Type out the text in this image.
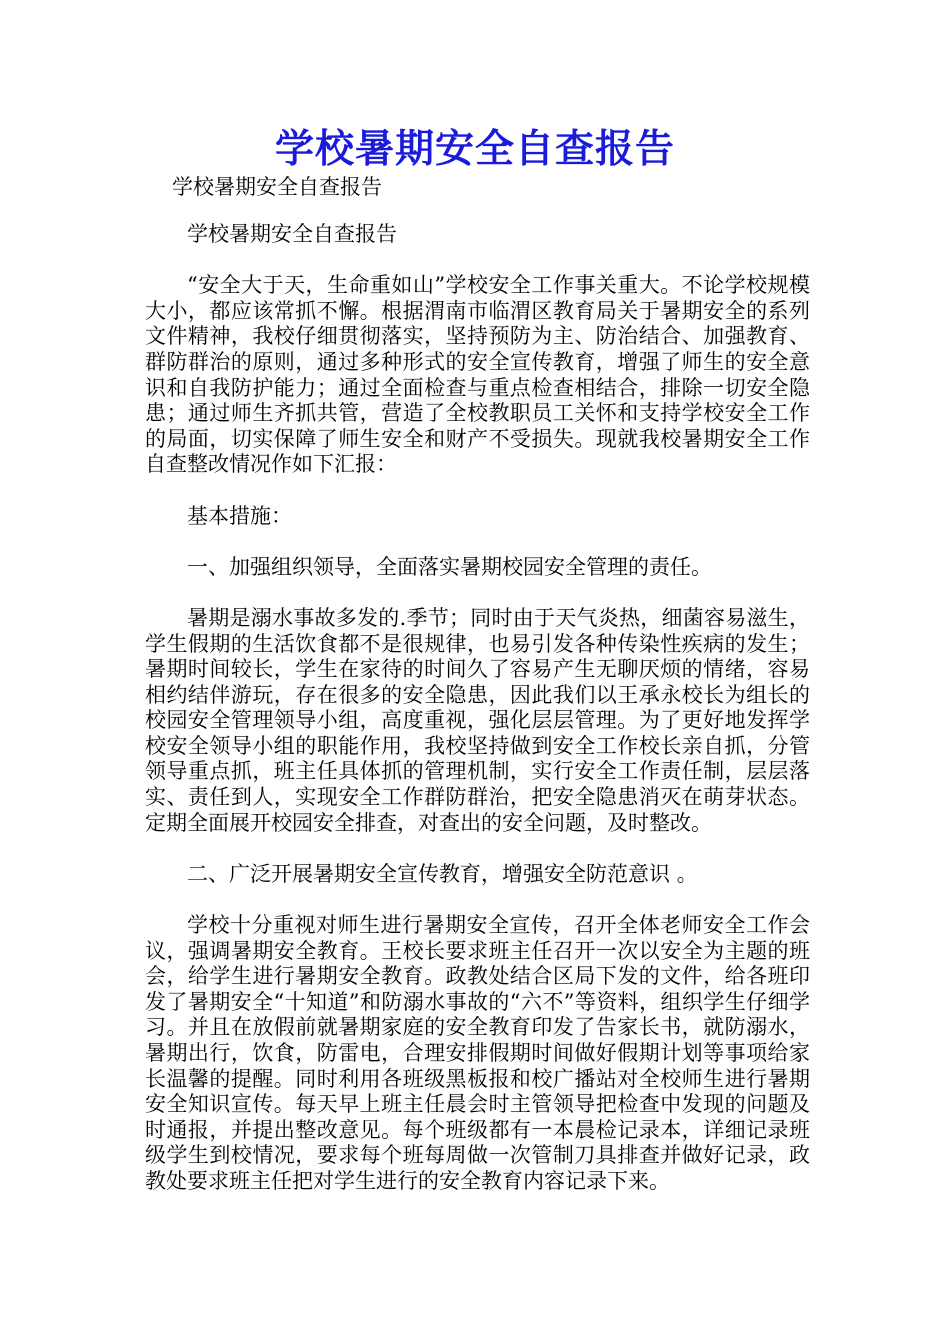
学校暑期安全自查报告
学校暑期安全自查报告

学校暑期安全自查报告

“安全大于天，生命重如山”学校安全工作事关重大。不论学校规模大小，都应该常抓不懈。根据渭南市临渭区教育局关于暑期安全的系列文件精神，我校仔细贯彻落实，坚持预防为主、防治结合、加强教育、群防群治的原则，通过多种形式的安全宣传教育，增强了师生的安全意识和自我防护能力；通过全面检查与重点检查相结合，排除一切安全隐患；通过师生齐抓共管，营造了全校教职员工关怀和支持学校安全工作的局面，切实保障了师生安全和财产不受损失。现就我校暑期安全工作自查整改情况作如下汇报：

基本措施：

一、加强组织领导，全面落实暑期校园安全管理的责任。

暑期是溺水事故多发的.季节；同时由于天气炎热，细菌容易滋生，学生假期的生活饮食都不是很规律，也易引发各种传染性疾病的发生；暑期时间较长，学生在家待的时间久了容易产生无聊厌烦的情绪，容易相约结伴游玩，存在很多的安全隐患，因此我们以王承永校长为组长的校园安全管理领导小组，高度重视，强化层层管理。为了更好地发挥学校安全领导小组的职能作用，我校坚持做到安全工作校长亲自抓，分管领导重点抓，班主任具体抓的管理机制，实行安全工作责任制，层层落实、责任到人，实现安全工作群防群治，把安全隐患消灭在萌芽状态。定期全面展开校园安全排查，对查出的安全问题，及时整改。

二、广泛开展暑期安全宣传教育，增强安全防范意识 。

学校十分重视对师生进行暑期安全宣传，召开全体老师安全工作会议，强调暑期安全教育。王校长要求班主任召开一次以安全为主题的班会，给学生进行暑期安全教育。政教处结合区局下发的文件，给各班印发了暑期安全“十知道”和防溺水事故的“六不”等资料，组织学生仔细学习。并且在放假前就暑期家庭的安全教育印发了告家长书，就防溺水，暑期出行，饮食，防雷电，合理安排假期时间做好假期计划等事项给家长温馨的提醒。同时利用各班级黑板报和校广播站对全校师生进行暑期安全知识宣传。每天早上班主任晨会时主管领导把检查中发现的问题及时通报，并提出整改意见。每个班级都有一本晨检记录本，详细记录班级学生到校情况，要求每个班每周做一次管制刀具排查并做好记录，政教处要求班主任把对学生进行的安全教育内容记录下来。
